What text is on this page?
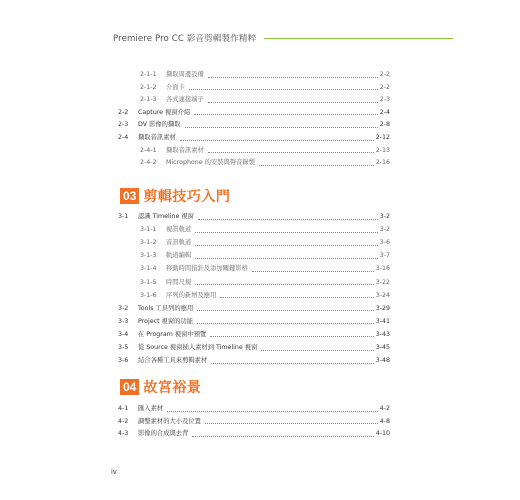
Premiere Pro CC 影音剪輯製作精粹
2-1-1	擷取周邊設備	2-2
2-1-2	介面卡	2-2
2-1-3	各式連接端子	2-3
2-2	Capture 視窗介紹	2-4
2-3	DV 影像的擷取	2-8
2-4	擷取音訊素材	2-12
2-4-1	擷取音訊素材	2-13
2-4-2	Microphone 的安裝與聲音錄製	2-16
03 剪輯技巧入門
3-1	認識 Timeline 視窗	3-2
3-1-1	視訊軌道	3-2
3-1-2	音訊軌道	3-6
3-1-3	軌道編輯	3-7
3-1-4	移動時間指針及添加關鍵影格	3-16
3-1-5	時間尺規	3-22
3-1-6	序列的新增及應用	3-24
3-2	Tools 工具列的應用	3-29
3-3	Project 視窗的功能	3-41
3-4	在 Program 視窗中預覽	3-43
3-5	從 Source 視窗插入素材到 Timeline 視窗	3-45
3-6	結合各種工具來剪輯素材	3-48
04 故宮裕景
4-1	匯入素材	4-2
4-2	調整素材的大小及位置	4-8
4-3	影像的合成與去背	4-10
iv
